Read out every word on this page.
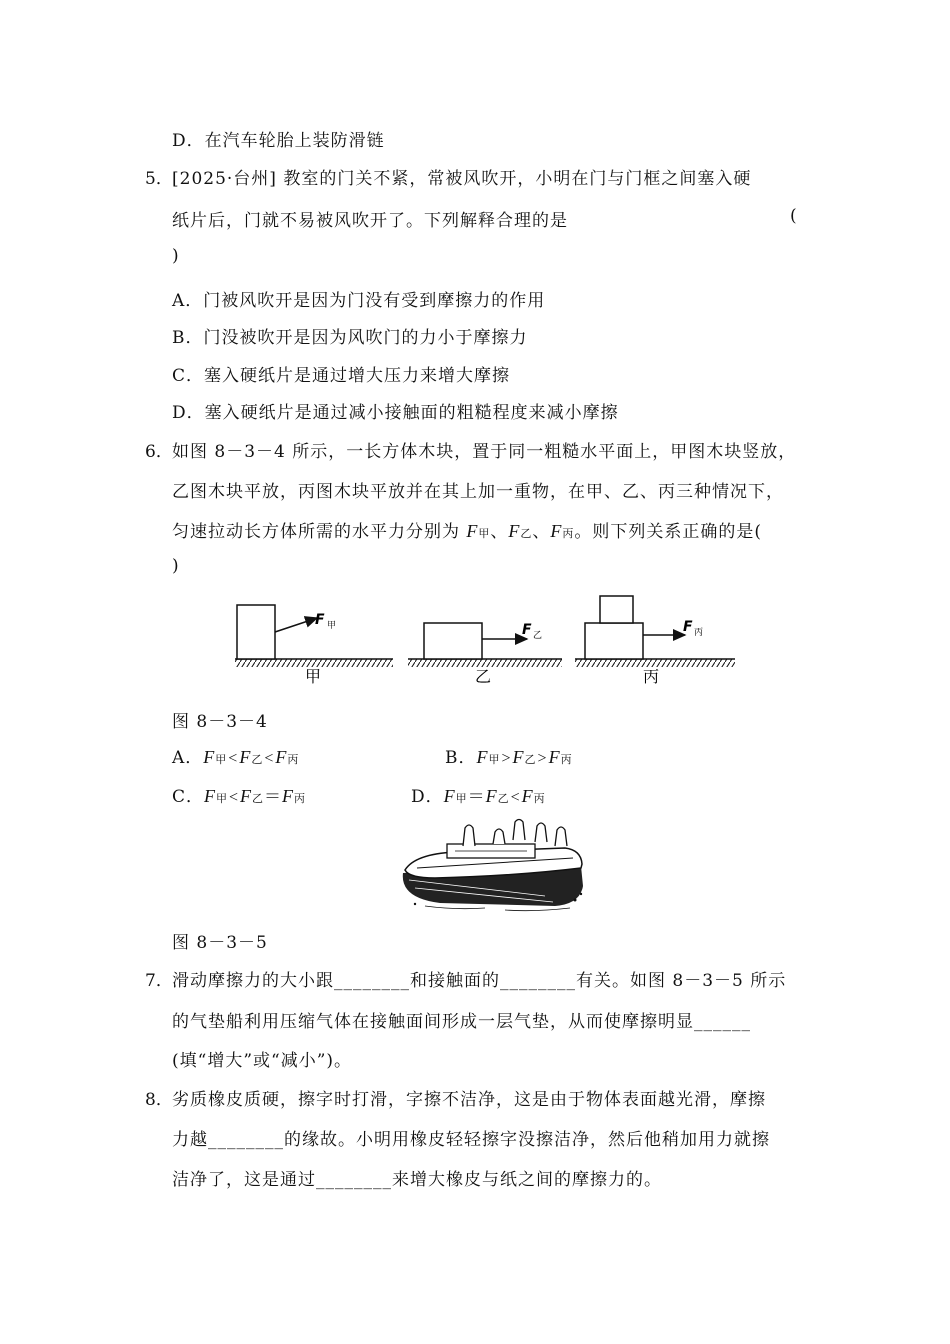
D．在汽车轮胎上装防滑链
5． [2025·台州] 教室的门关不紧，常被风吹开，小明在门与门框之间塞入硬
纸片后，门就不易被风吹开了。下列解释合理的是	(
)
A．门被风吹开是因为门没有受到摩擦力的作用
B．门没被吹开是因为风吹门的力小于摩擦力
C．塞入硬纸片是通过增大压力来增大摩擦
D．塞入硬纸片是通过减小接触面的粗糙程度来减小摩擦
6． 如图 8－3－4 所示，一长方体木块，置于同一粗糙水平面上，甲图木块竖放，
乙图木块平放，丙图木块平放并在其上加一重物，在甲、乙、丙三种情况下，
匀速拉动长方体所需的水平力分别为 F甲、F乙、F丙。则下列关系正确的是(
)
F 甲
甲
F 乙
乙
F 丙
丙
图 8－3－4
A．F甲<F乙<F丙	B．F甲>F乙>F丙
C．F甲<F乙＝F丙	D．F甲＝F乙<F丙
图 8－3－5
7． 滑动摩擦力的大小跟________和接触面的________有关。如图 8－3－5 所示
的气垫船利用压缩气体在接触面间形成一层气垫，从而使摩擦明显______
(填“增大”或“减小”)。
8． 劣质橡皮质硬，擦字时打滑，字擦不洁净，这是由于物体表面越光滑，摩擦
力越________的缘故。小明用橡皮轻轻擦字没擦洁净，然后他稍加用力就擦
洁净了，这是通过________来增大橡皮与纸之间的摩擦力的。
